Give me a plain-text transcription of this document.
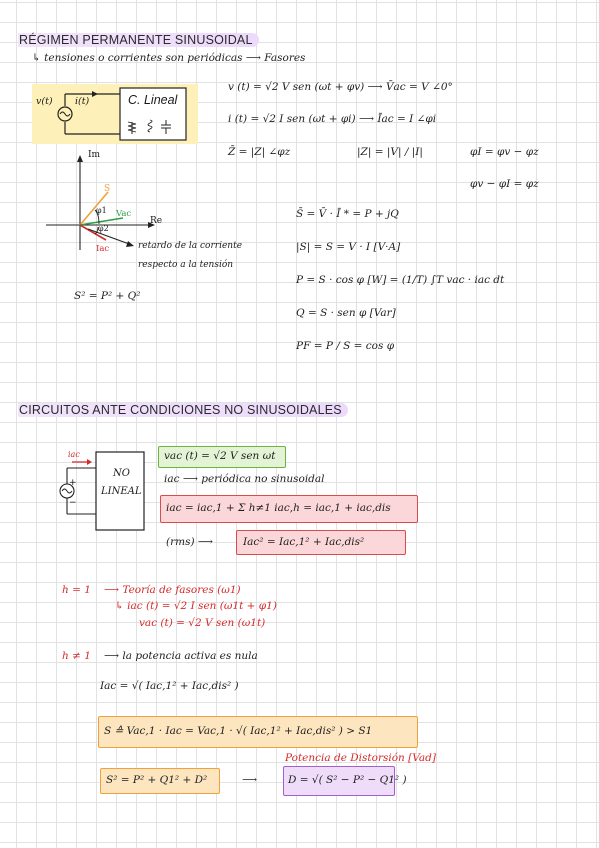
RÉGIMEN PERMANENTE SINUSOIDAL
↳ tensiones o corrientes son periódicas ⟶ Fasores
v(t) i(t)	C. Lineal
v (t) = √2 V sen (ωt + φv) ⟶ V̄ac = V ∠0°
i (t) = √2 I sen (ωt + φi) ⟶ Īac = I ∠φi
Z̄ = |Z| ∠φz	|Z| = |V| / |I|	φI = φv − φz
φv − φI = φz
Im
Re
S
Vac
Iac
φ1
φ2
retardo de la corriente
respecto a la tensión
S̄ = V̄ · Ī * = P + jQ
|S| = S = V · I [V·A]
P = S · cos φ [W] = (1/T) ∫T vac · iac dt
Q = S · sen φ [Var]
PF = P / S = cos φ
S² = P² + Q²
CIRCUITOS ANTE CONDICIONES NO SINUSOIDALES
iac
NO
LINEAL
+
−
vac (t) = √2 V sen ωt
iac ⟶ periódica no sinusoidal
iac = iac,1 + Σ h≠1 iac,h = iac,1 + iac,dis
(rms) ⟶	Iac² = Iac,1² + Iac,dis²
h = 1 ⟶ Teoría de fasores (ω1)
↳ iac (t) = √2 I sen (ω1t + φ1)
vac (t) = √2 V sen (ω1t)
h ≠ 1 ⟶ la potencia activa es nula
Iac = √( Iac,1² + Iac,dis² )
S ≙ Vac,1 · Iac = Vac,1 · √( Iac,1² + Iac,dis² ) > S1
Potencia de Distorsión [Vad]
S² = P² + Q1² + D²	⟶	D = √( S² − P² − Q1² )
